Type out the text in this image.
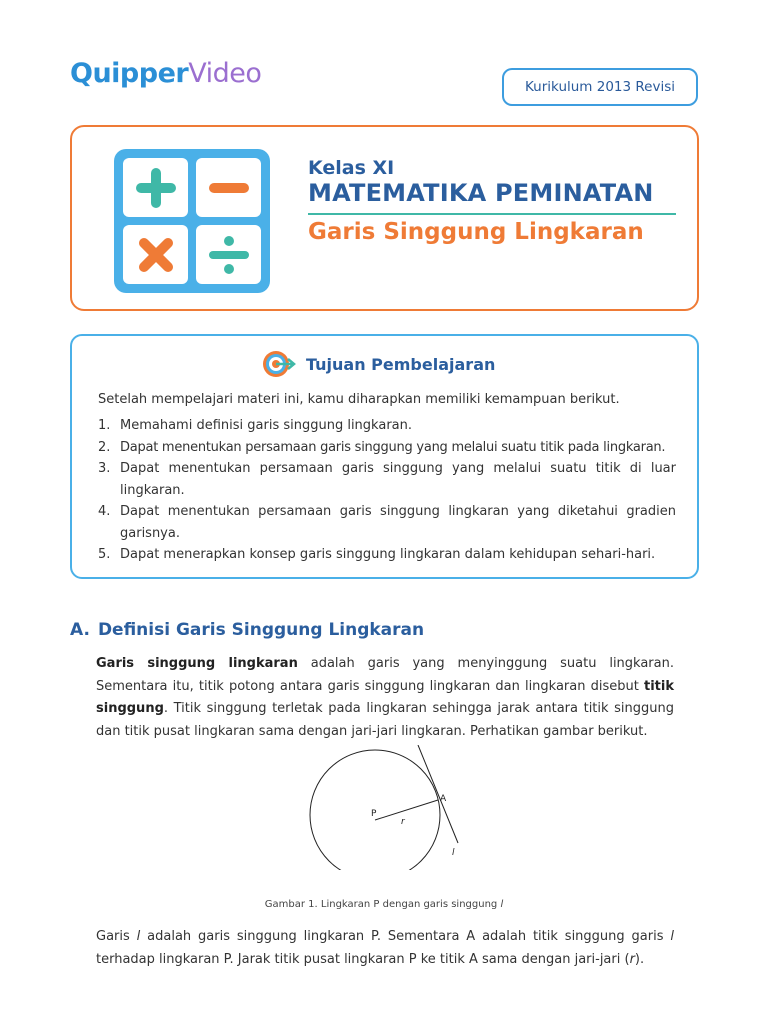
QuipperVideo	Kurikulum 2013 Revisi
Kelas XI
MATEMATIKA PEMINATAN
Garis Singgung Lingkaran
Tujuan Pembelajaran
Setelah mempelajari materi ini, kamu diharapkan memiliki kemampuan berikut.
1. Memahami definisi garis singgung lingkaran.
2. Dapat menentukan persamaan garis singgung yang melalui suatu titik pada lingkaran.
3. Dapat menentukan persamaan garis singgung yang melalui suatu titik di luar lingkaran.
4. Dapat menentukan persamaan garis singgung lingkaran yang diketahui gradien garisnya.
5. Dapat menerapkan konsep garis singgung lingkaran dalam kehidupan sehari-hari.
A. Definisi Garis Singgung Lingkaran
Garis singgung lingkaran adalah garis yang menyinggung suatu lingkaran. Sementara itu, titik potong antara garis singgung lingkaran dan lingkaran disebut titik singgung. Titik singgung terletak pada lingkaran sehingga jarak antara titik singgung dan titik pusat lingkaran sama dengan jari-jari lingkaran. Perhatikan gambar berikut.
P
A
r
l
Gambar 1. Lingkaran P dengan garis singgung l
Garis l adalah garis singgung lingkaran P. Sementara A adalah titik singgung garis l terhadap lingkaran P. Jarak titik pusat lingkaran P ke titik A sama dengan jari-jari (r).
